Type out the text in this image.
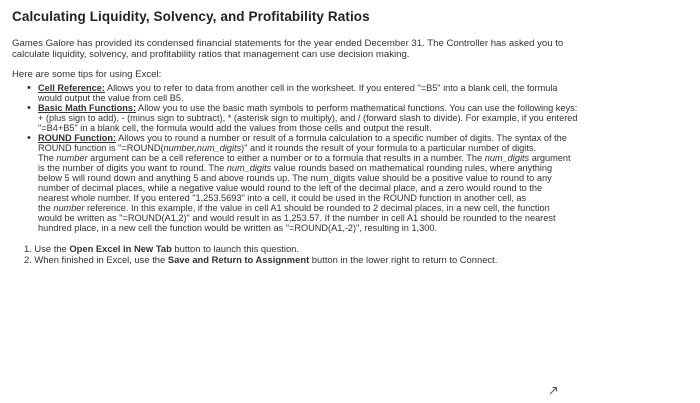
Calculating Liquidity, Solvency, and Profitability Ratios

Games Galore has provided its condensed financial statements for the year ended December 31. The Controller has asked you to
calculate liquidity, solvency, and profitability ratios that management can use decision making.

Here are some tips for using Excel:

• Cell Reference: Allows you to refer to data from another cell in the worksheet. If you entered "=B5" into a blank cell, the formula
would output the value from cell B5.
• Basic Math Functions: Allow you to use the basic math symbols to perform mathematical functions. You can use the following keys:
+ (plus sign to add), - (minus sign to subtract), * (asterisk sign to multiply), and / (forward slash to divide). For example, if you entered
"=B4+B5" in a blank cell, the formula would add the values from those cells and output the result.
• ROUND Function: Allows you to round a number or result of a formula calculation to a specific number of digits. The syntax of the
ROUND function is "=ROUND(number,num_digits)" and it rounds the result of your formula to a particular number of digits.
The number argument can be a cell reference to either a number or to a formula that results in a number. The num_digits argument
is the number of digits you want to round. The num_digits value rounds based on mathematical rounding rules, where anything
below 5 will round down and anything 5 and above rounds up. The num_digits value should be a positive value to round to any
number of decimal places, while a negative value would round to the left of the decimal place, and a zero would round to the
nearest whole number. If you entered "1,253.5693" into a cell, it could be used in the ROUND function in another cell, as
the number reference. In this example, if the value in cell A1 should be rounded to 2 decimal places, in a new cell, the function
would be written as "=ROUND(A1,2)" and would result in as 1,253.57. If the number in cell A1 should be rounded to the nearest
hundred place, in a new cell the function would be written as "=ROUND(A1,-2)", resulting in 1,300.
1. Use the Open Excel in New Tab button to launch this question.
2. When finished in Excel, use the Save and Return to Assignment button in the lower right to return to Connect.
